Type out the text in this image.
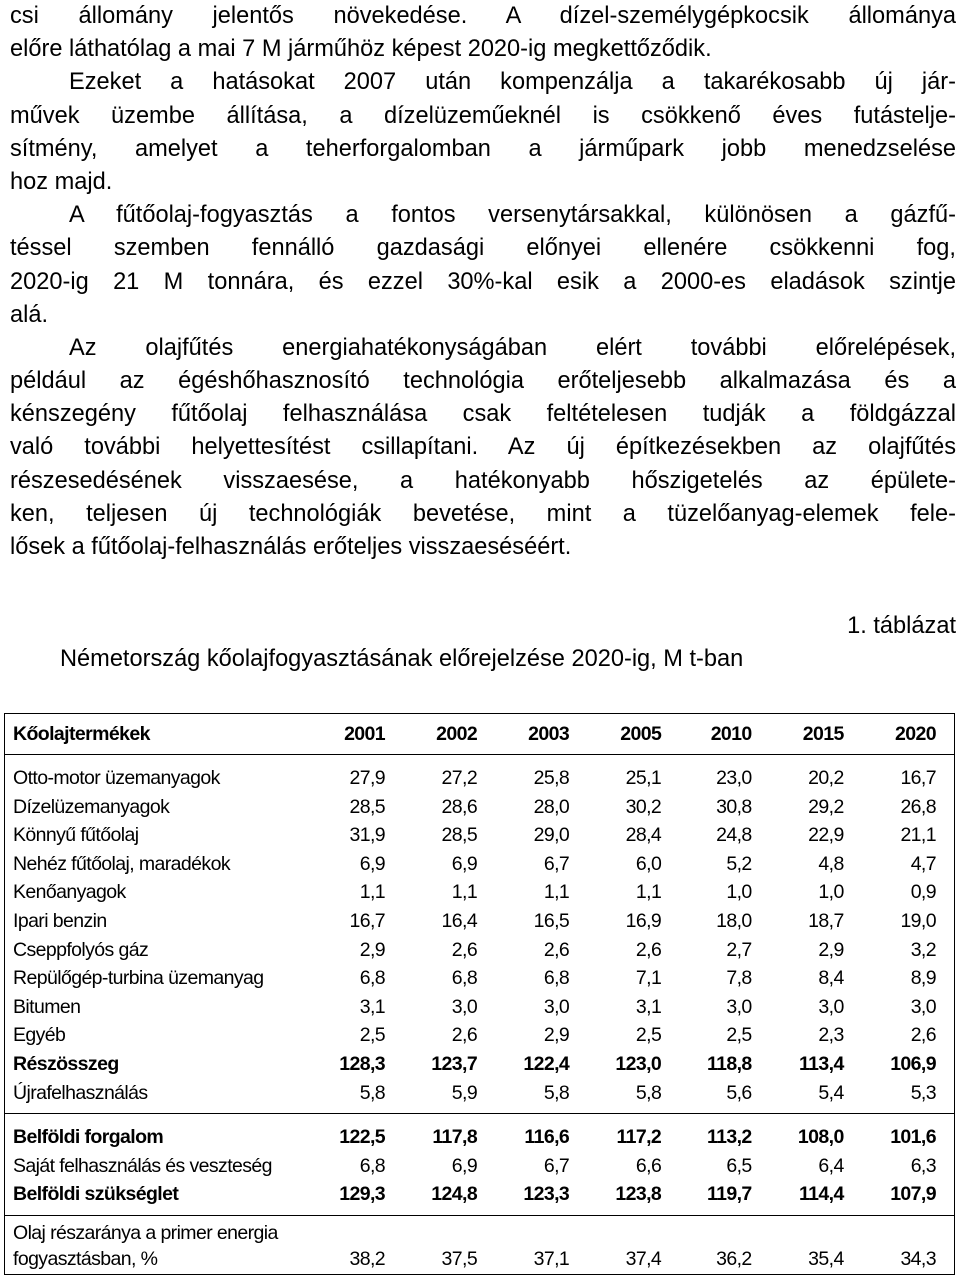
csi állomány jelentős növekedése. A dízel-személygépkocsik állománya
előre láthatólag a mai 7 M járműhöz képest 2020-ig megkettőződik.
Ezeket a hatásokat 2007 után kompenzálja a takarékosabb új jár-
művek üzembe állítása, a dízelüzeműeknél is csökkenő éves futástelje-
sítmény, amelyet a teherforgalomban a járműpark jobb menedzselése
hoz majd.
A fűtőolaj-fogyasztás a fontos versenytársakkal, különösen a gázfű-
téssel szemben fennálló gazdasági előnyei ellenére csökkenni fog,
2020-ig 21 M tonnára, és ezzel 30%-kal esik a 2000-es eladások szintje
alá.
Az olajfűtés energiahatékonyságában elért további előrelépések,
például az égéshőhasznosító technológia erőteljesebb alkalmazása és a
kénszegény fűtőolaj felhasználása csak feltételesen tudják a földgázzal
való további helyettesítést csillapítani. Az új építkezésekben az olajfűtés
részesedésének visszaesése, a hatékonyabb hőszigetelés az épülete-
ken, teljesen új technológiák bevetése, mint a tüzelőanyag-elemek fele-
lősek a fűtőolaj-felhasználás erőteljes visszaeséséért.
1. táblázat
Németország kőolajfogyasztásának előrejelzése 2020-ig, M t-ban
Kőolajtermékek	2001	2002	2003	2005	2010	2015	2020
Otto-motor üzemanyagok	27,9	27,2	25,8	25,1	23,0	20,2	16,7
Dízelüzemanyagok	28,5	28,6	28,0	30,2	30,8	29,2	26,8
Könnyű fűtőolaj	31,9	28,5	29,0	28,4	24,8	22,9	21,1
Nehéz fűtőolaj, maradékok	6,9	6,9	6,7	6,0	5,2	4,8	4,7
Kenőanyagok	1,1	1,1	1,1	1,1	1,0	1,0	0,9
Ipari benzin	16,7	16,4	16,5	16,9	18,0	18,7	19,0
Cseppfolyós gáz	2,9	2,6	2,6	2,6	2,7	2,9	3,2
Repülőgép-turbina üzemanyag	6,8	6,8	6,8	7,1	7,8	8,4	8,9
Bitumen	3,1	3,0	3,0	3,1	3,0	3,0	3,0
Egyéb	2,5	2,6	2,9	2,5	2,5	2,3	2,6
Részösszeg	128,3	123,7	122,4	123,0	118,8	113,4	106,9
Újrafelhasználás	5,8	5,9	5,8	5,8	5,6	5,4	5,3
Belföldi forgalom	122,5	117,8	116,6	117,2	113,2	108,0	101,6
Saját felhasználás és veszteség	6,8	6,9	6,7	6,6	6,5	6,4	6,3
Belföldi szükséglet	129,3	124,8	123,3	123,8	119,7	114,4	107,9
Olaj részaránya a primer energia fogyasztásban, %	38,2	37,5	37,1	37,4	36,2	35,4	34,3
